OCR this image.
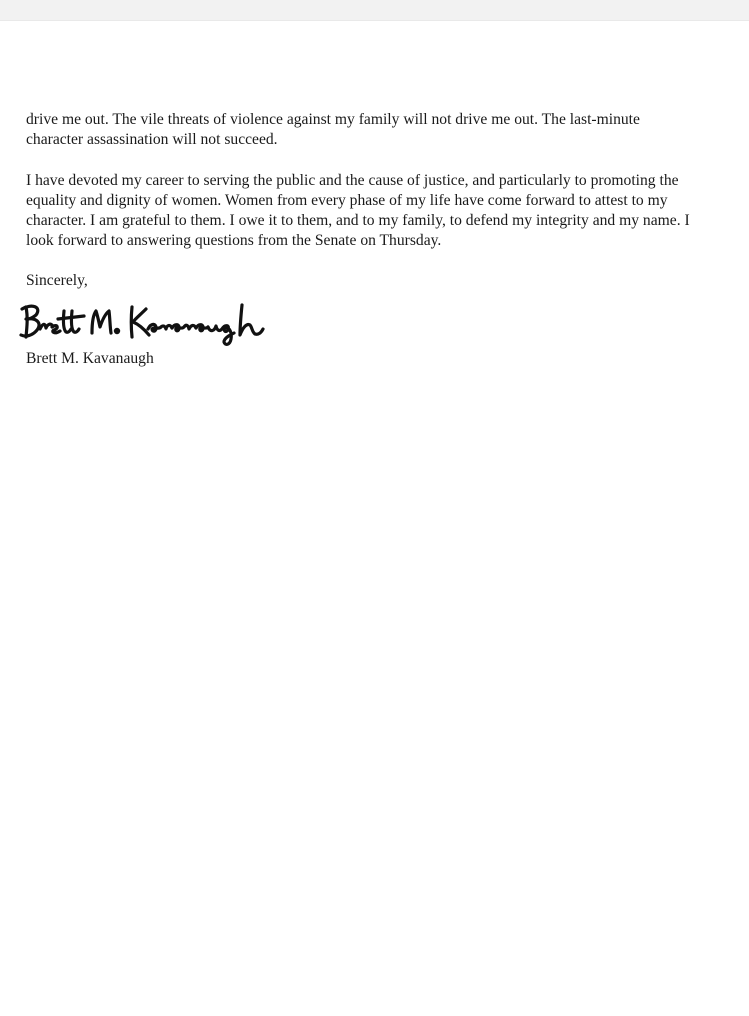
drive me out. The vile threats of violence against my family will not drive me out. The last-minute character assassination will not succeed.

I have devoted my career to serving the public and the cause of justice, and particularly to promoting the equality and dignity of women. Women from every phase of my life have come forward to attest to my character. I am grateful to them. I owe it to them, and to my family, to defend my integrity and my name. I look forward to answering questions from the Senate on Thursday.

Sincerely,
Brett M. Kavanaugh
